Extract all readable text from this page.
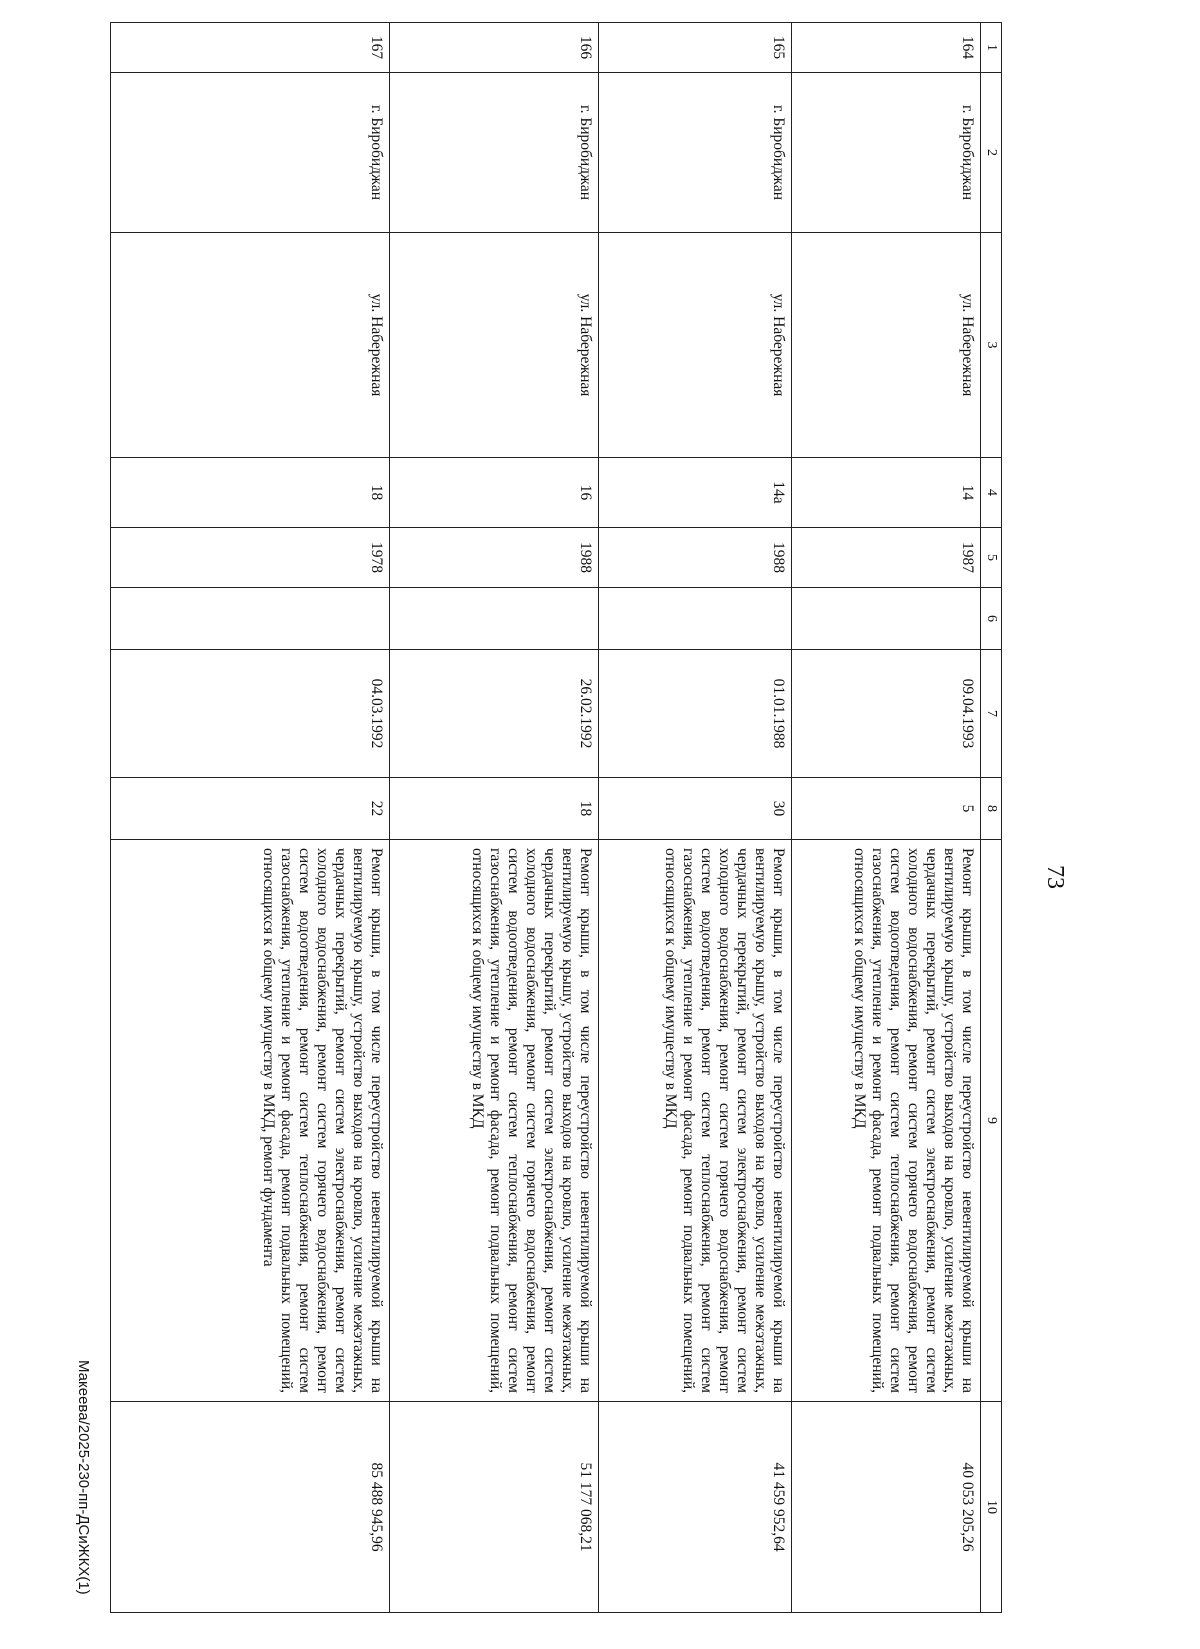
73
1	2	3	4	5	6	7	8	9	10
164	г. Биробиджан	ул. Набережная	14	1987		09.04.1993	5	Ремонт крыши, в том числе переустройство невентилируемой крыши на вентилируемую крышу, устройство выходов на кровлю, усиление межэтажных, чердачных перекрытий, ремонт систем электроснабжения, ремонт систем холодного водоснабжения, ремонт систем горячего водоснабжения, ремонт систем водоотведения, ремонт систем теплоснабжения, ремонт систем газоснабжения, утепление и ремонт фасада, ремонт подвальных помещений, относящихся к общему имуществу в МКД	40 053 205,26
165	г. Биробиджан	ул. Набережная	14а	1988		01.01.1988	30	Ремонт крыши, в том числе переустройство невентилируемой крыши на вентилируемую крышу, устройство выходов на кровлю, усиление межэтажных, чердачных перекрытий, ремонт систем электроснабжения, ремонт систем холодного водоснабжения, ремонт систем горячего водоснабжения, ремонт систем водоотведения, ремонт систем теплоснабжения, ремонт систем газоснабжения, утепление и ремонт фасада, ремонт подвальных помещений, относящихся к общему имуществу в МКД	41 459 952,64
166	г. Биробиджан	ул. Набережная	16	1988		26.02.1992	18	Ремонт крыши, в том числе переустройство невентилируемой крыши на вентилируемую крышу, устройство выходов на кровлю, усиление межэтажных, чердачных перекрытий, ремонт систем электроснабжения, ремонт систем холодного водоснабжения, ремонт систем горячего водоснабжения, ремонт систем водоотведения, ремонт систем теплоснабжения, ремонт систем газоснабжения, утепление и ремонт фасада, ремонт подвальных помещений, относящихся к общему имуществу в МКД	51 177 068,21
167	г. Биробиджан	ул. Набережная	18	1978		04.03.1992	22	Ремонт крыши, в том числе переустройство невентилируемой крыши на вентилируемую крышу, устройство выходов на кровлю, усиление межэтажных, чердачных перекрытий, ремонт систем электроснабжения, ремонт систем холодного водоснабжения, ремонт систем горячего водоснабжения, ремонт систем водоотведения, ремонт систем теплоснабжения, ремонт систем газоснабжения, утепление и ремонт фасада, ремонт подвальных помещений, относящихся к общему имуществу в МКД, ремонт фундамента	85 488 945,96
Макеева/2025-230-пп-ДСиЖКХ(1)
